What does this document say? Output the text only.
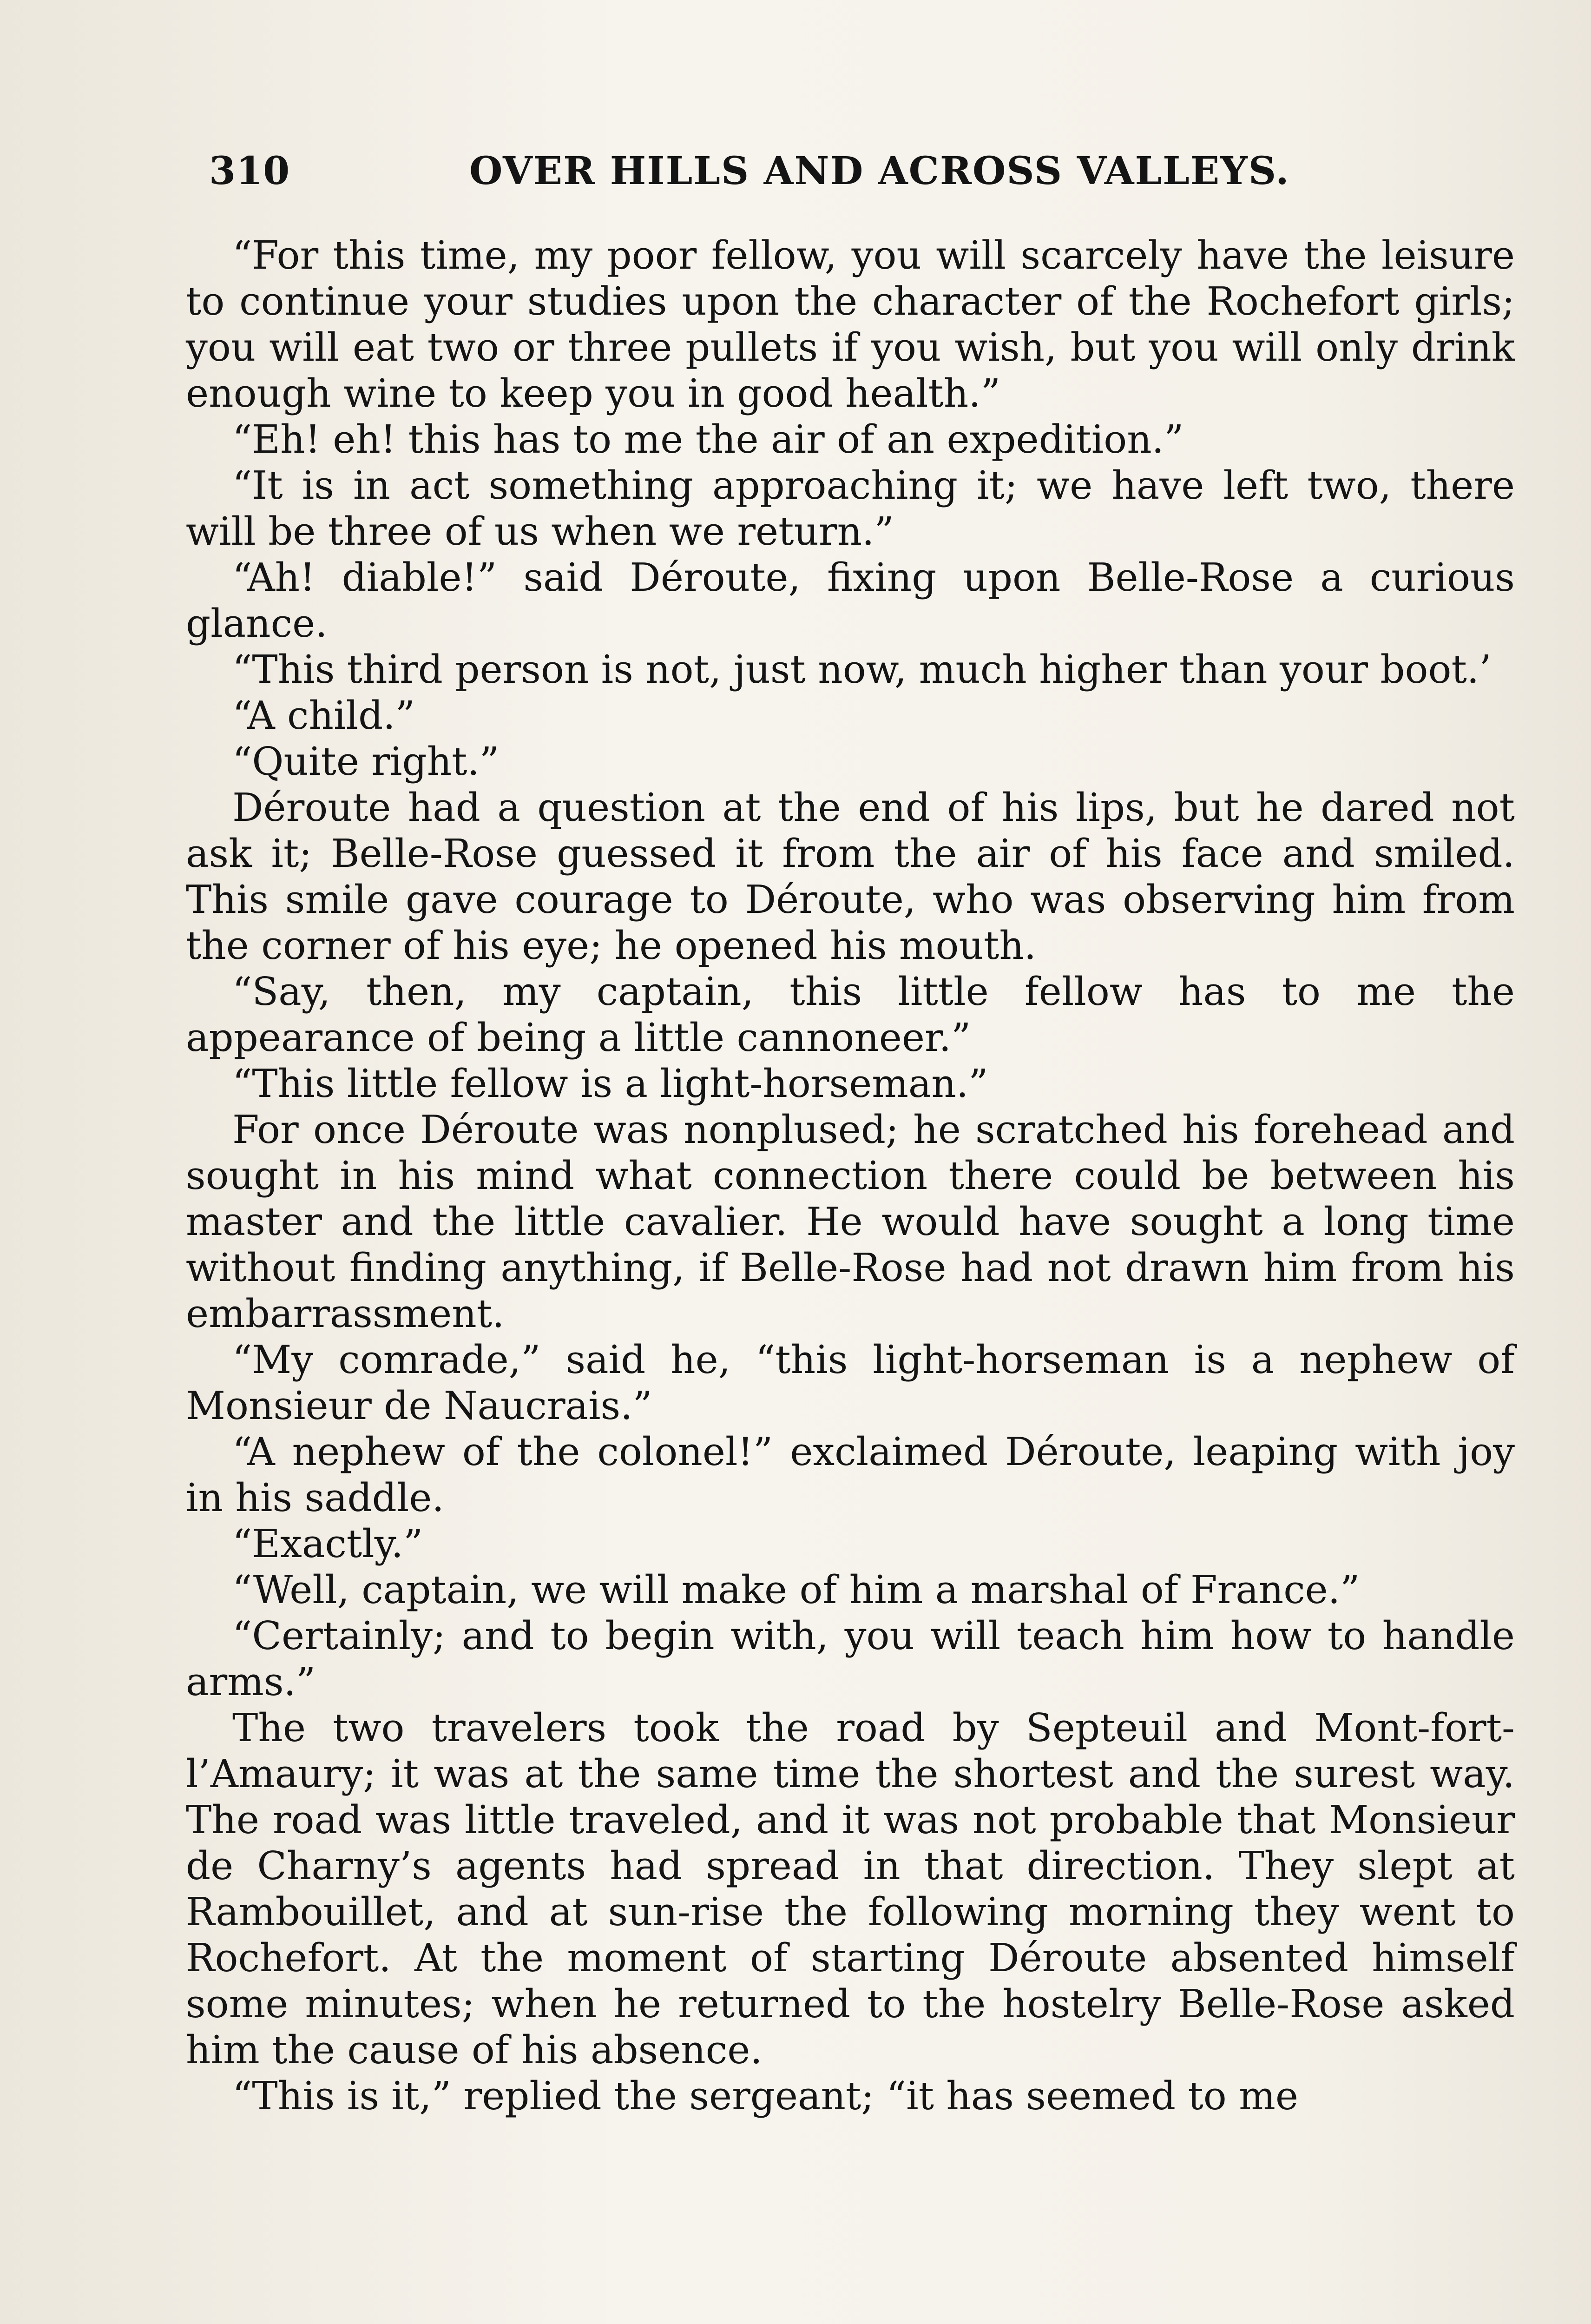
310	OVER HILLS AND ACROSS VALLEYS.

“For this time, my poor fellow, you will scarcely have the leisure to continue your studies upon the character of the Rochefort girls; you will eat two or three pullets if you wish, but you will only drink enough wine to keep you in good health.”

“Eh! eh! this has to me the air of an expedition.”

“It is in act something approaching it; we have left two, there will be three of us when we return.”

“Ah! diable!” said Déroute, fixing upon Belle-Rose a curious glance.

“This third person is not, just now, much higher than your boot.’

“A child.”

“Quite right.”

Déroute had a question at the end of his lips, but he dared not ask it; Belle-Rose guessed it from the air of his face and smiled. This smile gave courage to Déroute, who was observing him from the corner of his eye; he opened his mouth.

“Say, then, my captain, this little fellow has to me the appearance of being a little cannoneer.”

“This little fellow is a light-horseman.”

For once Déroute was nonplused; he scratched his forehead and sought in his mind what connection there could be between his master and the little cavalier. He would have sought a long time without finding anything, if Belle-Rose had not drawn him from his embarrassment.

“My comrade,” said he, “this light-horseman is a nephew of Monsieur de Naucrais.”

“A nephew of the colonel!” exclaimed Déroute, leaping with joy in his saddle.

“Exactly.”

“Well, captain, we will make of him a marshal of France.”

“Certainly; and to begin with, you will teach him how to handle arms.”

The two travelers took the road by Septeuil and Mont-fort-l’Amaury; it was at the same time the shortest and the surest way. The road was little traveled, and it was not probable that Monsieur de Charny’s agents had spread in that direction. They slept at Rambouillet, and at sun-rise the following morning they went to Rochefort. At the moment of starting Déroute absented himself some minutes; when he returned to the hostelry Belle-Rose asked him the cause of his absence.

“This is it,” replied the sergeant; “it has seemed to me
